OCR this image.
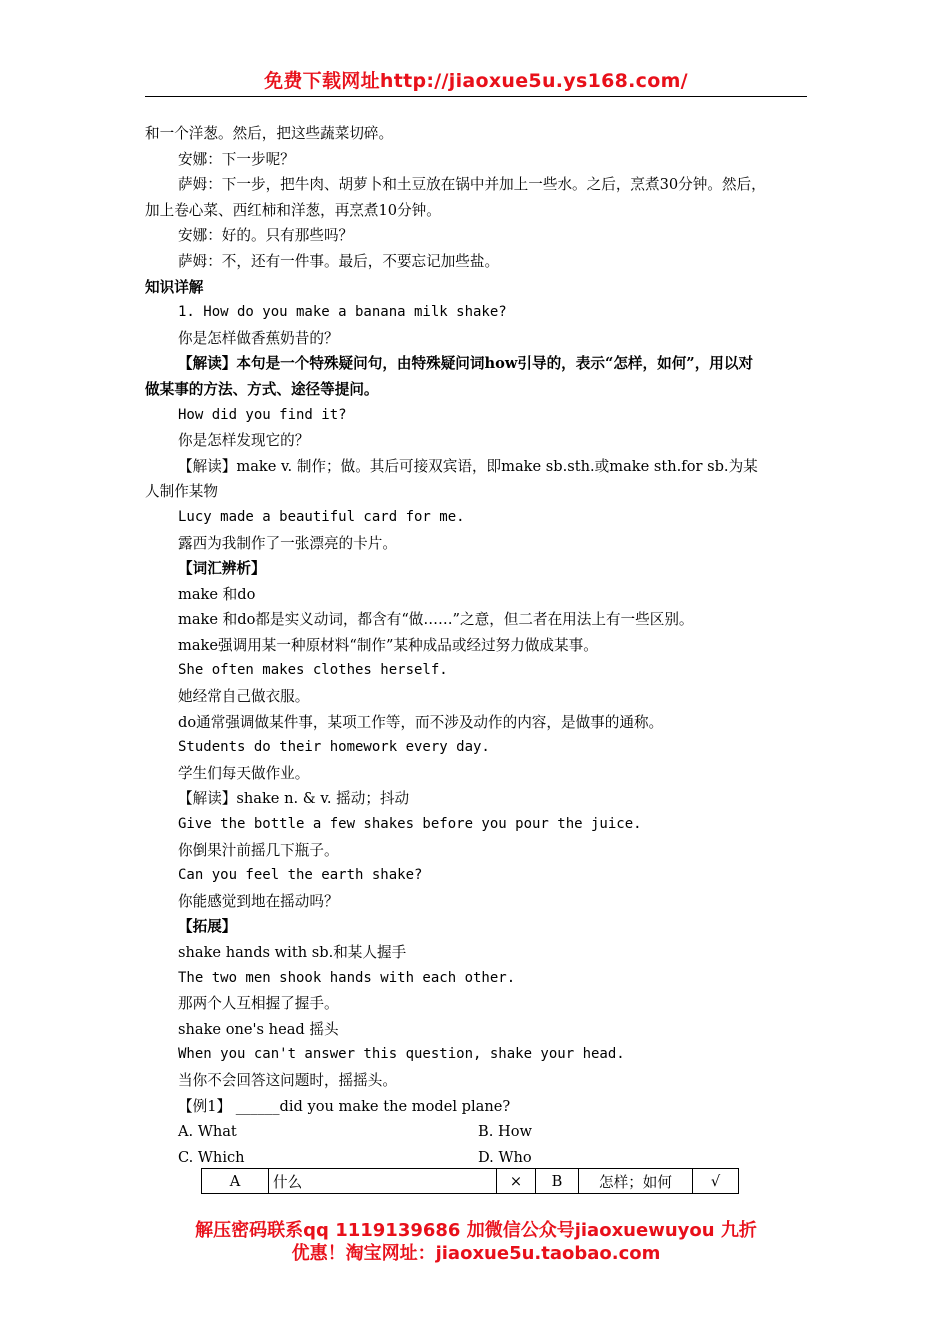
免费下载网址http://jiaoxue5u.ys168.com/
和一个洋葱。然后，把这些蔬菜切碎。
安娜：下一步呢？
萨姆：下一步，把牛肉、胡萝卜和土豆放在锅中并加上一些水。之后，烹煮30分钟。然后，
加上卷心菜、西红柿和洋葱，再烹煮10分钟。
安娜：好的。只有那些吗？
萨姆：不，还有一件事。最后，不要忘记加些盐。
知识详解
1. How do you make a banana milk shake?
你是怎样做香蕉奶昔的？
【解读】本句是一个特殊疑问句，由特殊疑问词how引导的，表示“怎样，如何”，用以对
做某事的方法、方式、途径等提问。
How did you find it?
你是怎样发现它的？
【解读】make v. 制作；做。其后可接双宾语，即make sb.sth.或make sth.for sb.为某
人制作某物
Lucy made a beautiful card for me.
露西为我制作了一张漂亮的卡片。
【词汇辨析】
make 和do
make 和do都是实义动词，都含有“做……”之意，但二者在用法上有一些区别。
make强调用某一种原材料“制作”某种成品或经过努力做成某事。
She often makes clothes herself.
她经常自己做衣服。
do通常强调做某件事，某项工作等，而不涉及动作的内容，是做事的通称。
Students do their homework every day.
学生们每天做作业。
【解读】shake n. & v. 摇动；抖动
Give the bottle a few shakes before you pour the juice.
你倒果汁前摇几下瓶子。
Can you feel the earth shake?
你能感觉到地在摇动吗？
【拓展】
shake hands with sb.和某人握手
The two men shook hands with each other.
那两个人互相握了握手。
shake one's head 摇头
When you can't answer this question, shake your head.
当你不会回答这问题时，摇摇头。
【例1】 ______did you make the model plane?
A. What	B. How
C. Which	D. Who
A	什么	×	B	怎样；如何	√
解压密码联系qq 1119139686 加微信公众号jiaoxuewuyou 九折
优惠！淘宝网址：jiaoxue5u.taobao.com
